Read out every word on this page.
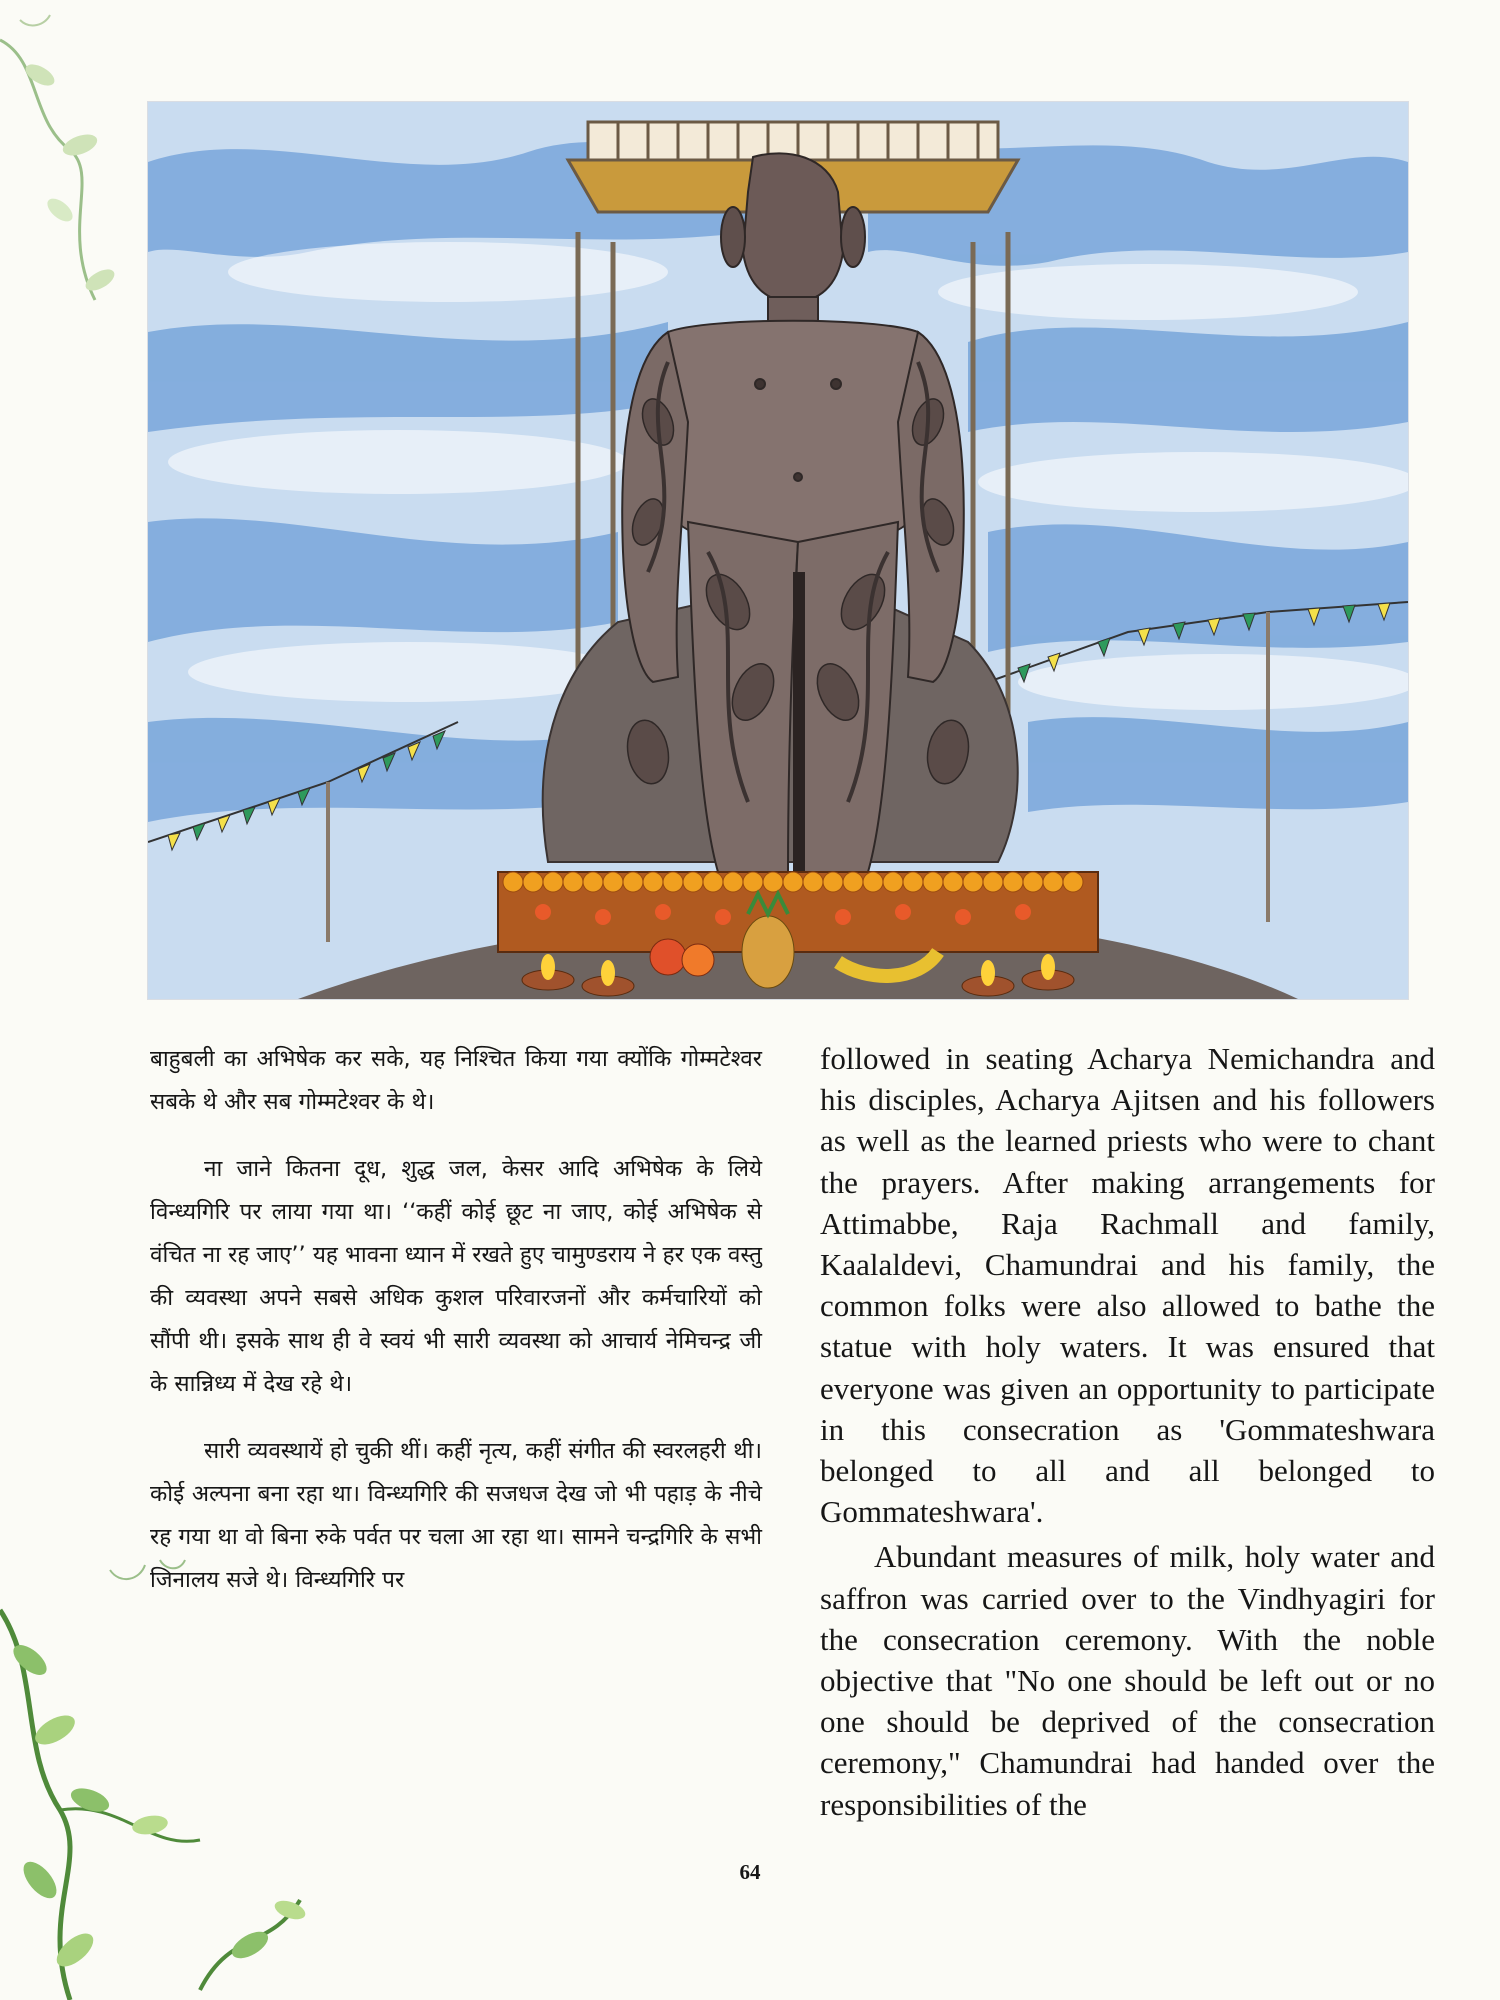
बाहुबली का अभिषेक कर सके, यह निश्चित किया गया क्योंकि गोम्मटेश्वर सबके थे और सब गोम्मटेश्वर के थे।

ना जाने कितना दूध, शुद्ध जल, केसर आदि अभिषेक के लिये विन्ध्यगिरि पर लाया गया था। ‘‘कहीं कोई छूट ना जाए, कोई अभिषेक से वंचित ना रह जाए’’ यह भावना ध्यान में रखते हुए चामुण्डराय ने हर एक वस्तु की व्यवस्था अपने सबसे अधिक कुशल परिवारजनों और कर्मचारियों को सौंपी थी। इसके साथ ही वे स्वयं भी सारी व्यवस्था को आचार्य नेमिचन्द्र जी के सान्निध्य में देख रहे थे।

सारी व्यवस्थायें हो चुकी थीं। कहीं नृत्य, कहीं संगीत की स्वरलहरी थी। कोई अल्पना बना रहा था। विन्ध्यगिरि की सजधज देख जो भी पहाड़ के नीचे रह गया था वो बिना रुके पर्वत पर चला आ रहा था। सामने चन्द्रगिरि के सभी जिनालय सजे थे। विन्ध्यगिरि पर

followed in seating Acharya Nemichandra and his disciples, Acharya Ajitsen and his followers as well as the learned priests who were to chant the prayers. After making arrangements for Attimabbe, Raja Rachmall and family, Kaalaldevi, Chamundrai and his family, the common folks were also allowed to bathe the statue with holy waters. It was ensured that everyone was given an opportunity to participate in this consecration as 'Gommateshwara belonged to all and all belonged to Gommateshwara'.

Abundant measures of milk, holy water and saffron was carried over to the Vindhyagiri for the consecration ceremony. With the noble objective that "No one should be left out or no one should be deprived of the consecration ceremony," Chamundrai had handed over the responsibilities of the

64
